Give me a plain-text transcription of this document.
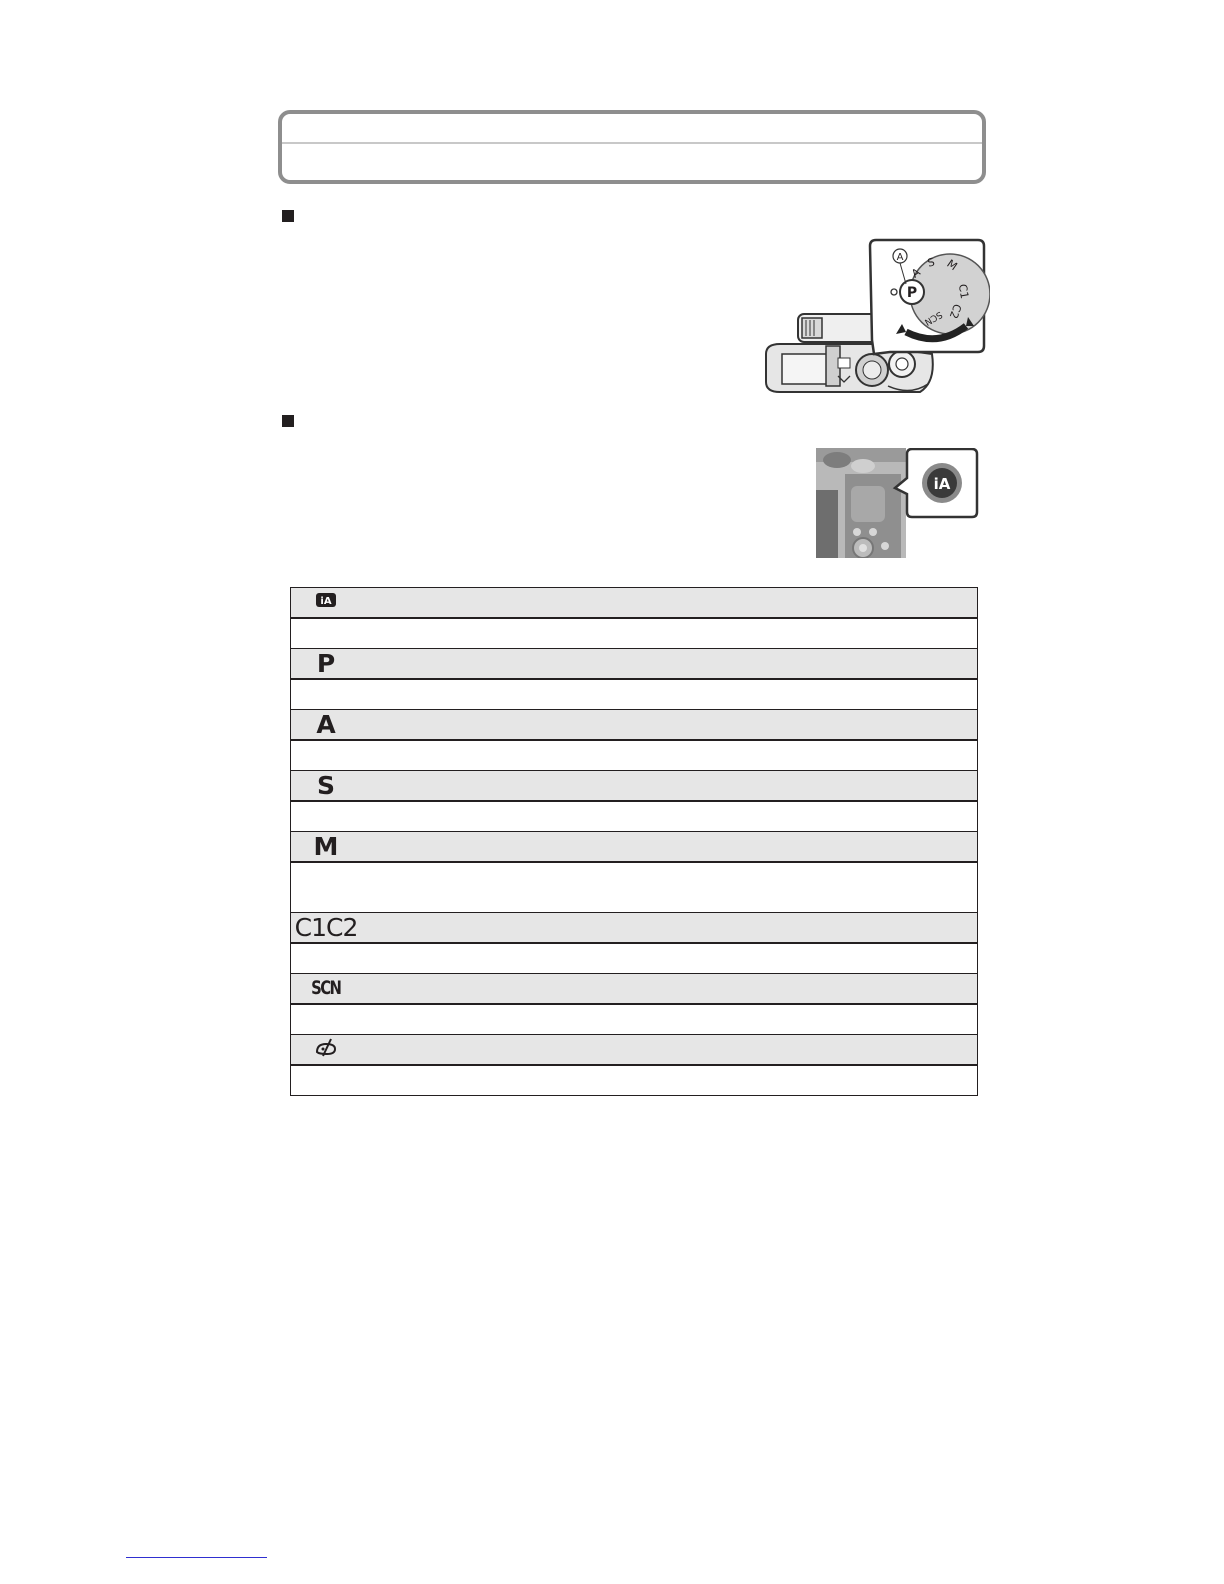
P
A
S M
C1
C2
SCN
A
iA
iA

P

A

S

M

C1C2

SCN
